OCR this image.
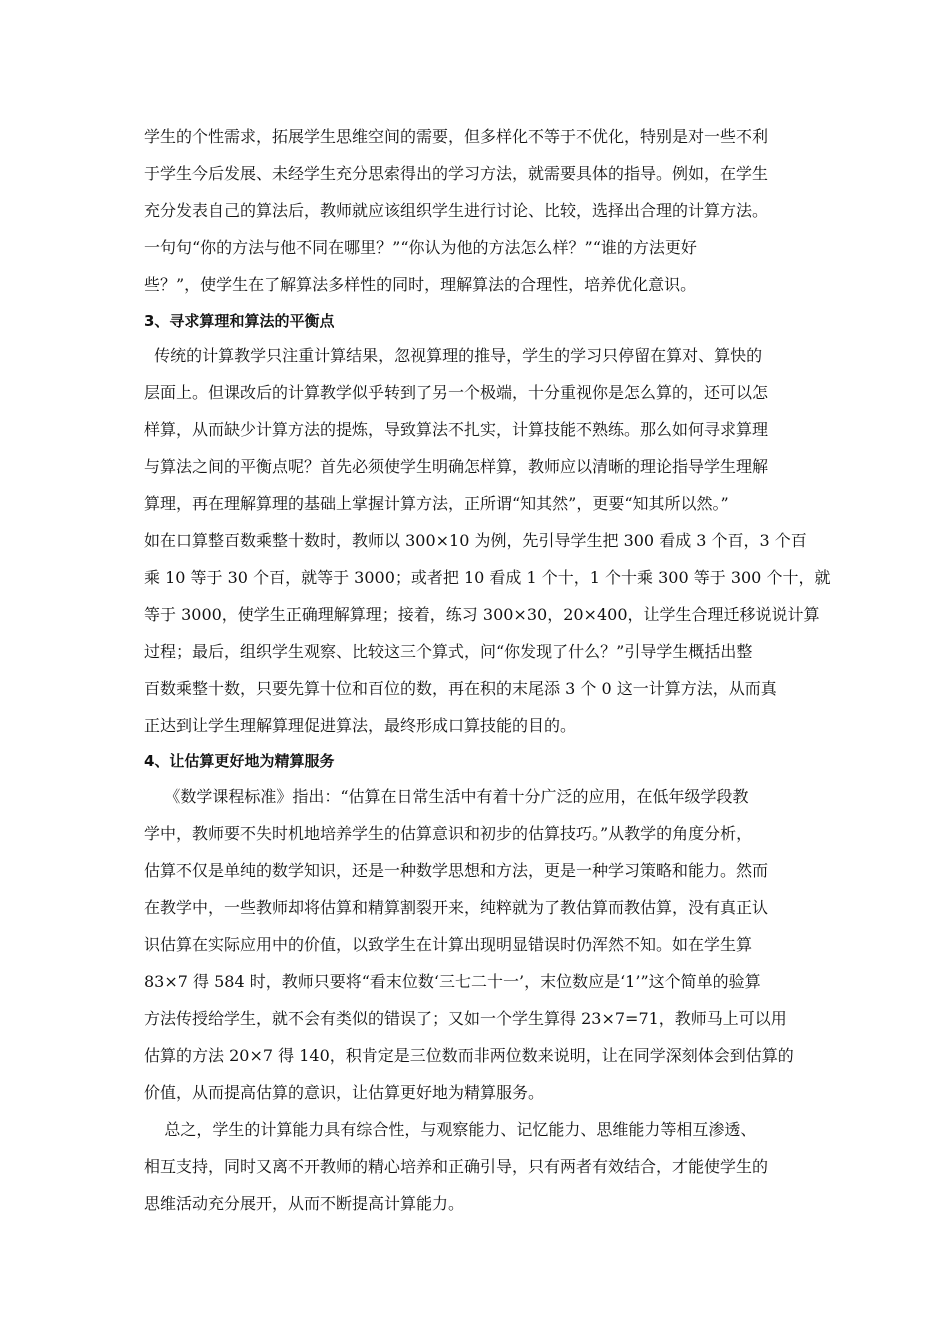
学生的个性需求，拓展学生思维空间的需要，但多样化不等于不优化，特别是对一些不利
于学生今后发展、未经学生充分思索得出的学习方法，就需要具体的指导。例如，在学生
充分发表自己的算法后，教师就应该组织学生进行讨论、比较，选择出合理的计算方法。
一句句“你的方法与他不同在哪里？”“你认为他的方法怎么样？”“谁的方法更好
些？”，使学生在了解算法多样性的同时，理解算法的合理性，培养优化意识。
3、寻求算理和算法的平衡点
传统的计算教学只注重计算结果，忽视算理的推导，学生的学习只停留在算对、算快的
层面上。但课改后的计算教学似乎转到了另一个极端，十分重视你是怎么算的，还可以怎
样算，从而缺少计算方法的提炼，导致算法不扎实，计算技能不熟练。那么如何寻求算理
与算法之间的平衡点呢？首先必须使学生明确怎样算，教师应以清晰的理论指导学生理解
算理，再在理解算理的基础上掌握计算方法，正所谓“知其然”，更要“知其所以然。”
如在口算整百数乘整十数时，教师以 300×10 为例，先引导学生把 300 看成 3 个百，3 个百
乘 10 等于 30 个百，就等于 3000；或者把 10 看成 1 个十，1 个十乘 300 等于 300 个十，就
等于 3000，使学生正确理解算理；接着，练习 300×30，20×400，让学生合理迁移说说计算
过程；最后，组织学生观察、比较这三个算式，问“你发现了什么？”引导学生概括出整
百数乘整十数，只要先算十位和百位的数，再在积的末尾添 3 个 0 这一计算方法，从而真
正达到让学生理解算理促进算法，最终形成口算技能的目的。
4、让估算更好地为精算服务
《数学课程标准》指出：“估算在日常生活中有着十分广泛的应用，在低年级学段教
学中，教师要不失时机地培养学生的估算意识和初步的估算技巧。”从教学的角度分析，
估算不仅是单纯的数学知识，还是一种数学思想和方法，更是一种学习策略和能力。然而
在教学中，一些教师却将估算和精算割裂开来，纯粹就为了教估算而教估算，没有真正认
识估算在实际应用中的价值，以致学生在计算出现明显错误时仍浑然不知。如在学生算
83×7 得 584 时，教师只要将“看末位数‘三七二十一’，末位数应是‘1’”这个简单的验算
方法传授给学生，就不会有类似的错误了；又如一个学生算得 23×7=71，教师马上可以用
估算的方法 20×7 得 140，积肯定是三位数而非两位数来说明，让在同学深刻体会到估算的
价值，从而提高估算的意识，让估算更好地为精算服务。
总之，学生的计算能力具有综合性，与观察能力、记忆能力、思维能力等相互渗透、
相互支持，同时又离不开教师的精心培养和正确引导，只有两者有效结合，才能使学生的
思维活动充分展开，从而不断提高计算能力。
